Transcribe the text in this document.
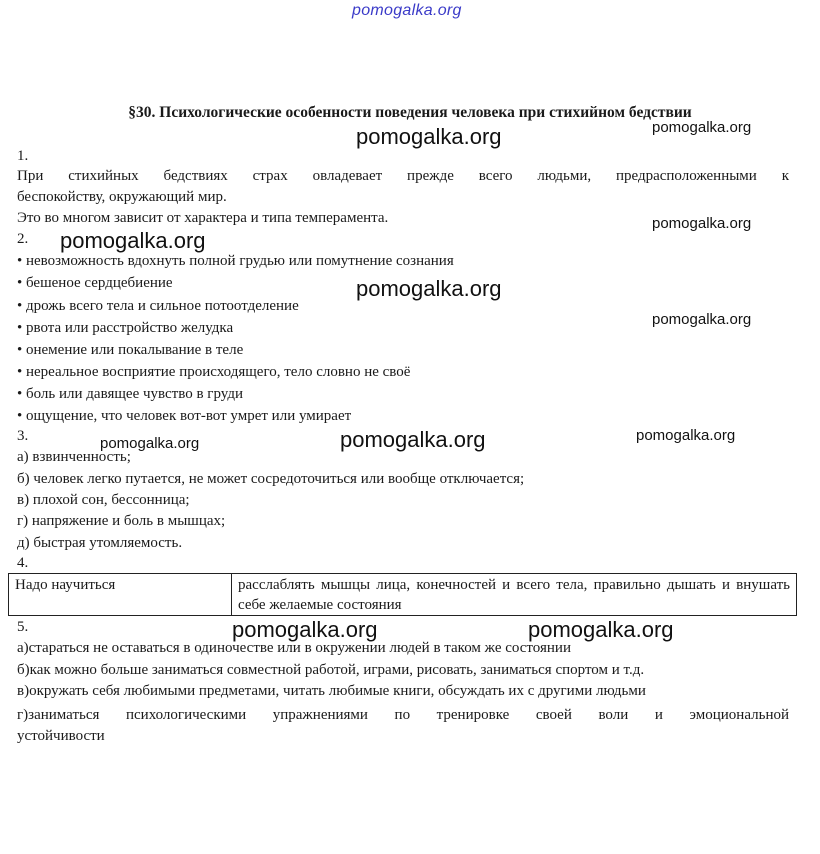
pomogalka.org
pomogalka.org	pomogalka.org
pomogalka.org
pomogalka.org
pomogalka.org
pomogalka.org
pomogalka.org	pomogalka.org	pomogalka.org
pomogalka.org	pomogalka.org
§30. Психологические особенности поведения человека при стихийном бедствии
1.
При стихийных бедствиях страх овладевает прежде всего людьми, предрасположенными к
беспокойству, окружающий мир.
Это во многом зависит от характера и типа темперамента.
2.
• невозможность вдохнуть полной грудью или помутнение сознания
• бешеное сердцебиение
• дрожь всего тела и сильное потоотделение
• рвота или расстройство желудка
• онемение или покалывание в теле
• нереальное восприятие происходящего, тело словно не своё
• боль или давящее чувство в груди
• ощущение, что человек вот-вот умрет или умирает
3.
а) взвинченность;
б) человек легко путается, не может сосредоточиться или вообще отключается;
в) плохой сон, бессонница;
г) напряжение и боль в мышцах;
д) быстрая утомляемость.
4.
Надо научиться	расслаблять мышцы лица, конечностей и всего тела, правильно дышать и внушать себе желаемые состояния
5.
а)стараться не оставаться в одиночестве или в окружении людей в таком же состоянии
б)как можно больше заниматься совместной работой, играми, рисовать, заниматься спортом и т.д.
в)окружать себя любимыми предметами, читать любимые книги, обсуждать их с другими людьми
г)заниматься психологическими упражнениями по тренировке своей воли и эмоциональной
устойчивости
